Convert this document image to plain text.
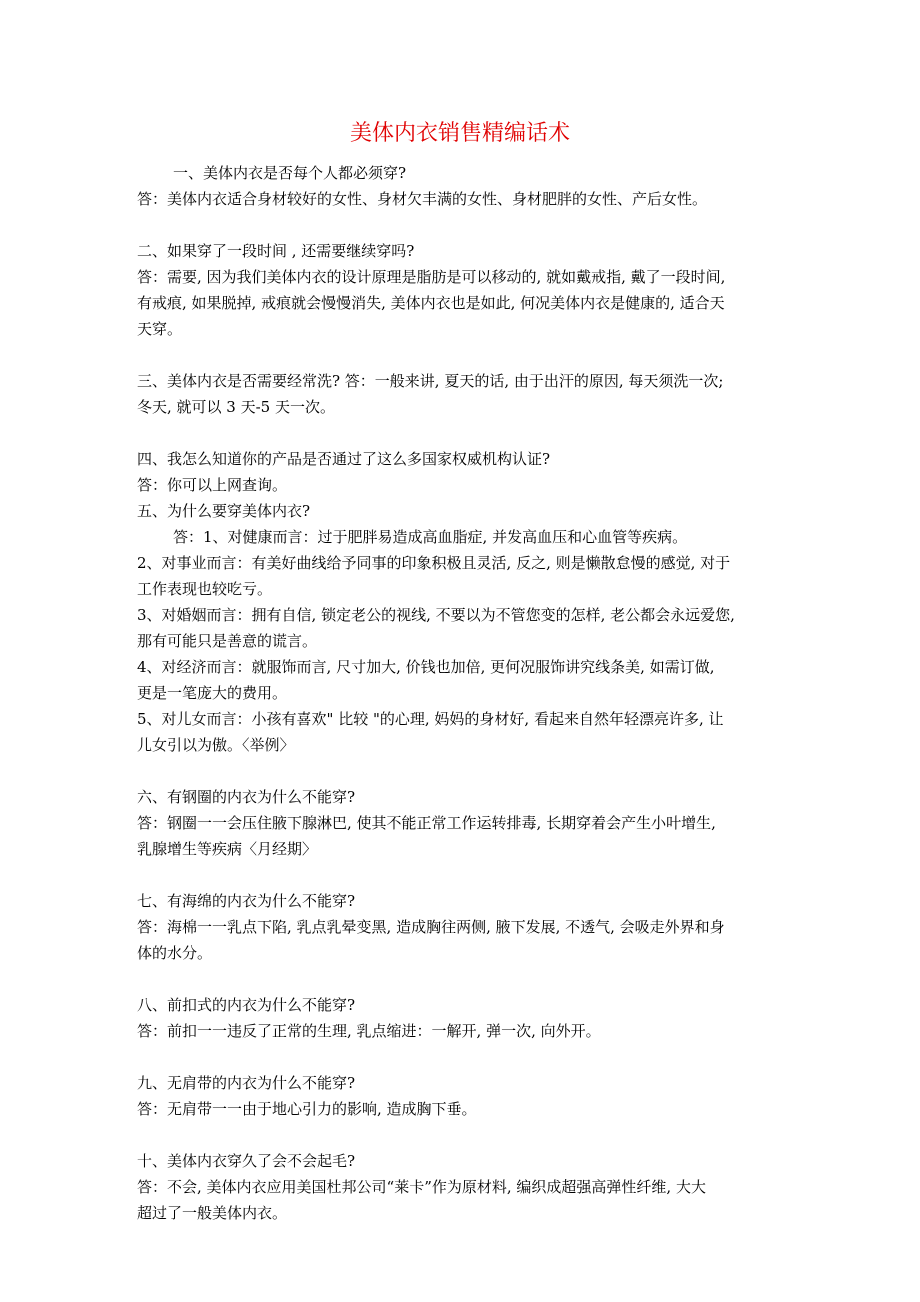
美体内衣销售精编话术
一、美体内衣是否每个人都必须穿?
答：美体内衣适合身材较好的女性、身材欠丰满的女性、身材肥胖的女性、产后女性。
二、如果穿了一段时间 , 还需要继续穿吗?
答：需要, 因为我们美体内衣的设计原理是脂肪是可以移动的, 就如戴戒指, 戴了一段时间,
有戒痕, 如果脱掉, 戒痕就会慢慢消失, 美体内衣也是如此, 何况美体内衣是健康的, 适合天
天穿。
三、美体内衣是否需要经常洗? 答：一般来讲, 夏天的话, 由于出汗的原因, 每天须洗一次;
冬天, 就可以 3 天-5 天一次。
四、我怎么知道你的产品是否通过了这么多国家权威机构认证?
答：你可以上网查询。
五、为什么要穿美体内衣?
答：1、对健康而言：过于肥胖易造成高血脂症, 并发高血压和心血管等疾病。
2、对事业而言：有美好曲线给予同事的印象积极且灵活, 反之, 则是懒散怠慢的感觉, 对于
工作表现也较吃亏。
3、对婚姻而言：拥有自信, 锁定老公的视线, 不要以为不管您变的怎样, 老公都会永远爱您,
那有可能只是善意的谎言。
4、对经济而言：就服饰而言, 尺寸加大, 价钱也加倍, 更何况服饰讲究线条美, 如需订做,
更是一笔庞大的费用。
5、对儿女而言：小孩有喜欢" 比较 "的心理, 妈妈的身材好, 看起来自然年轻漂亮许多, 让
儿女引以为傲。〈举例〉
六、有钢圈的内衣为什么不能穿?
答：钢圈一一会压住腋下腺淋巴, 使其不能正常工作运转排毒, 长期穿着会产生小叶增生,
乳腺增生等疾病〈月经期〉
七、有海绵的内衣为什么不能穿?
答：海棉一一乳点下陷, 乳点乳晕变黑, 造成胸往两侧, 腋下发展, 不透气, 会吸走外界和身
体的水分。
八、前扣式的内衣为什么不能穿?
答：前扣一一违反了正常的生理, 乳点缩进：一解开, 弹一次, 向外开。
九、无肩带的内衣为什么不能穿?
答：无肩带一一由于地心引力的影响, 造成胸下垂。
十、美体内衣穿久了会不会起毛?
答：不会, 美体内衣应用美国杜邦公司“莱卡”作为原材料, 编织成超强高弹性纤维, 大大
超过了一般美体内衣。
